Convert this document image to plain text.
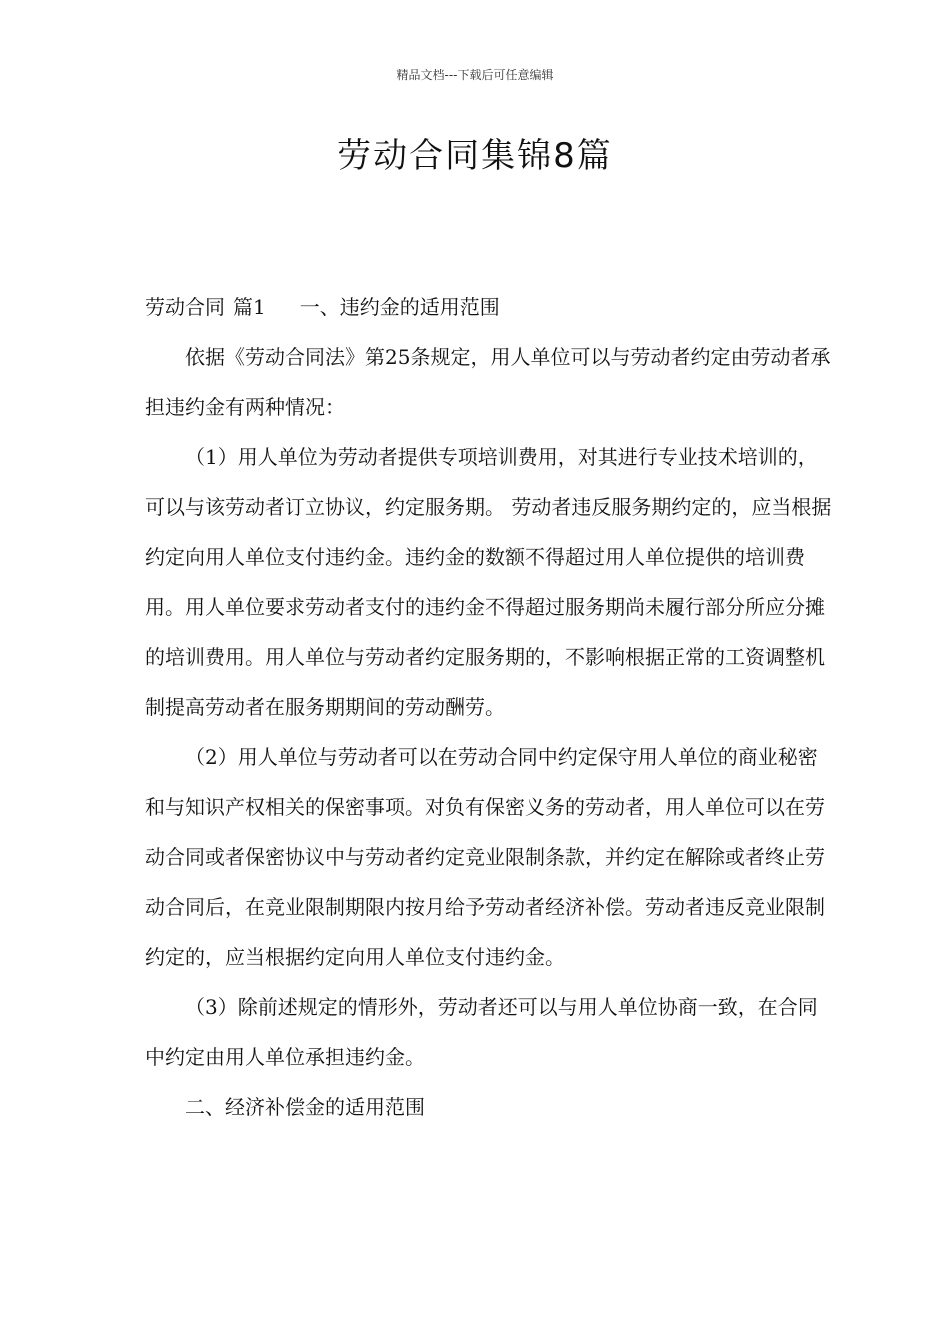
精品文档---下载后可任意编辑
劳动合同集锦8篇

劳动合同 篇1 一、违约金的适用范围

依据《劳动合同法》第25条规定，用人单位可以与劳动者约定由劳动者承担违约金有两种情况：

（1）用人单位为劳动者提供专项培训费用，对其进行专业技术培训的，可以与该劳动者订立协议，约定服务期。 劳动者违反服务期约定的，应当根据约定向用人单位支付违约金。违约金的数额不得超过用人单位提供的培训费用。用人单位要求劳动者支付的违约金不得超过服务期尚未履行部分所应分摊的培训费用。用人单位与劳动者约定服务期的，不影响根据正常的工资调整机制提高劳动者在服务期期间的劳动酬劳。

（2）用人单位与劳动者可以在劳动合同中约定保守用人单位的商业秘密和与知识产权相关的保密事项。对负有保密义务的劳动者，用人单位可以在劳动合同或者保密协议中与劳动者约定竞业限制条款，并约定在解除或者终止劳动合同后，在竞业限制期限内按月给予劳动者经济补偿。劳动者违反竞业限制约定的，应当根据约定向用人单位支付违约金。

（3）除前述规定的情形外，劳动者还可以与用人单位协商一致，在合同中约定由用人单位承担违约金。

二、经济补偿金的适用范围
